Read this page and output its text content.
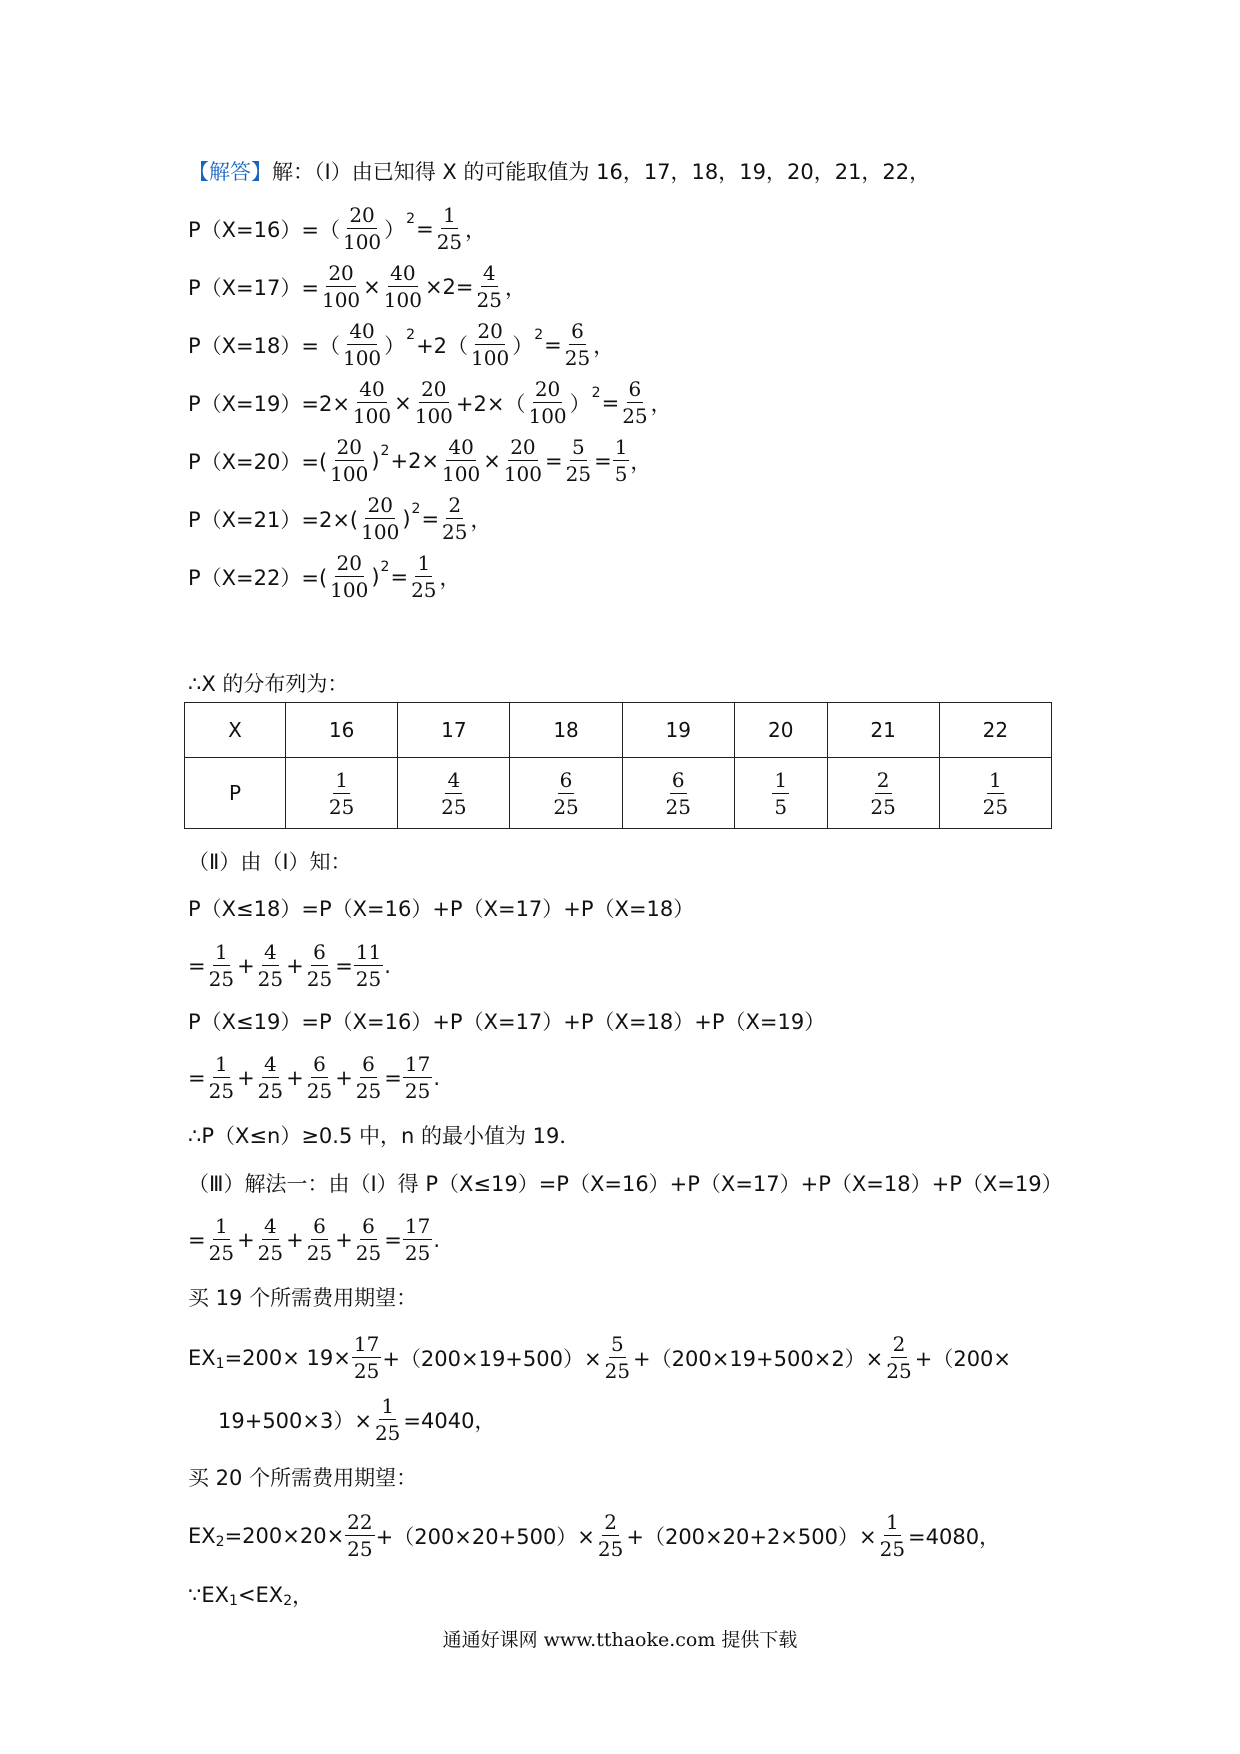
【解答】 解：（Ⅰ）由已知得 X 的可能取值为 16，17，18，19，20，21，22，
$P(X=16)=( \frac{20}{100}$ ） $2 = \frac{1}{25}$ ，
$P(X=17)= \frac{20}{100} \times \frac{40}{100} \times 2= \frac{4}{25}$ ，
$P(X=18)=( \frac{40}{100}$ ） $2 +2( \frac{20}{100}$ ） $2 = \frac{6}{25}$ ，
$P(X=19)=2\times \frac{40}{100} \times \frac{20}{100} +2\times( \frac{20}{100}$ ） $2 = \frac{6}{25}$ ，
$P(X=20)=( \frac{20}{100}$ ) $2 +2\times \frac{40}{100} \times \frac{20}{100} = \frac{5}{25} = \frac{1}{5}$ ，
$P(X=21)=2\times( \frac{20}{100}$ ) $2 = \frac{2}{25}$ ，
$P(X=22)=( \frac{20}{100}$ ) $2 = \frac{1}{25}$ ，
∴X 的分布列为：
X	16	17	18	19	20	21	22
P	$\frac{1}{25}$	$\frac{4}{25}$	$\frac{6}{25}$	$\frac{6}{25}$	$\frac{1}{5}$	$\frac{2}{25}$	$\frac{1}{25}$
（Ⅱ）由（Ⅰ）知：
P（X≤18）=P（X=16）+P（X=17）+P（X=18）
= $\frac{1}{25} + \frac{4}{25} + \frac{6}{25} = \frac{11}{25}$ .
P（X≤19）=P（X=16）+P（X=17）+P（X=18）+P（X=19）
= $\frac{1}{25} + \frac{4}{25} + \frac{6}{25} + \frac{6}{25} = \frac{17}{25}$ .
∴P（X≤n）≥0.5 中，n 的最小值为 19．
（Ⅲ）解法一：由（Ⅰ）得 P（X≤19）=P（X=16）+P（X=17）+P（X=18）+P（X=19）
= $\frac{1}{25} + \frac{4}{25} + \frac{6}{25} + \frac{6}{25} = \frac{17}{25}$ .
买 19 个所需费用期望：
EX $1 =200\times 19\times \frac{17}{25} +(200\times 19+500)\times \frac{5}{25} +(200\times 19+500\times 2)\times \frac{2}{25} +(200\times$
$19+500\times 3)\times \frac{1}{25} =4040$，
买 20 个所需费用期望：
EX $2 =200\times 20\times \frac{22}{25} +(200\times 20+500)\times \frac{2}{25} +(200\times 20+2\times 500)\times \frac{1}{25} =4080$，
∵EX 1 <EX 2 ，
通通好课网 www.tthaoke.com 提供下载
